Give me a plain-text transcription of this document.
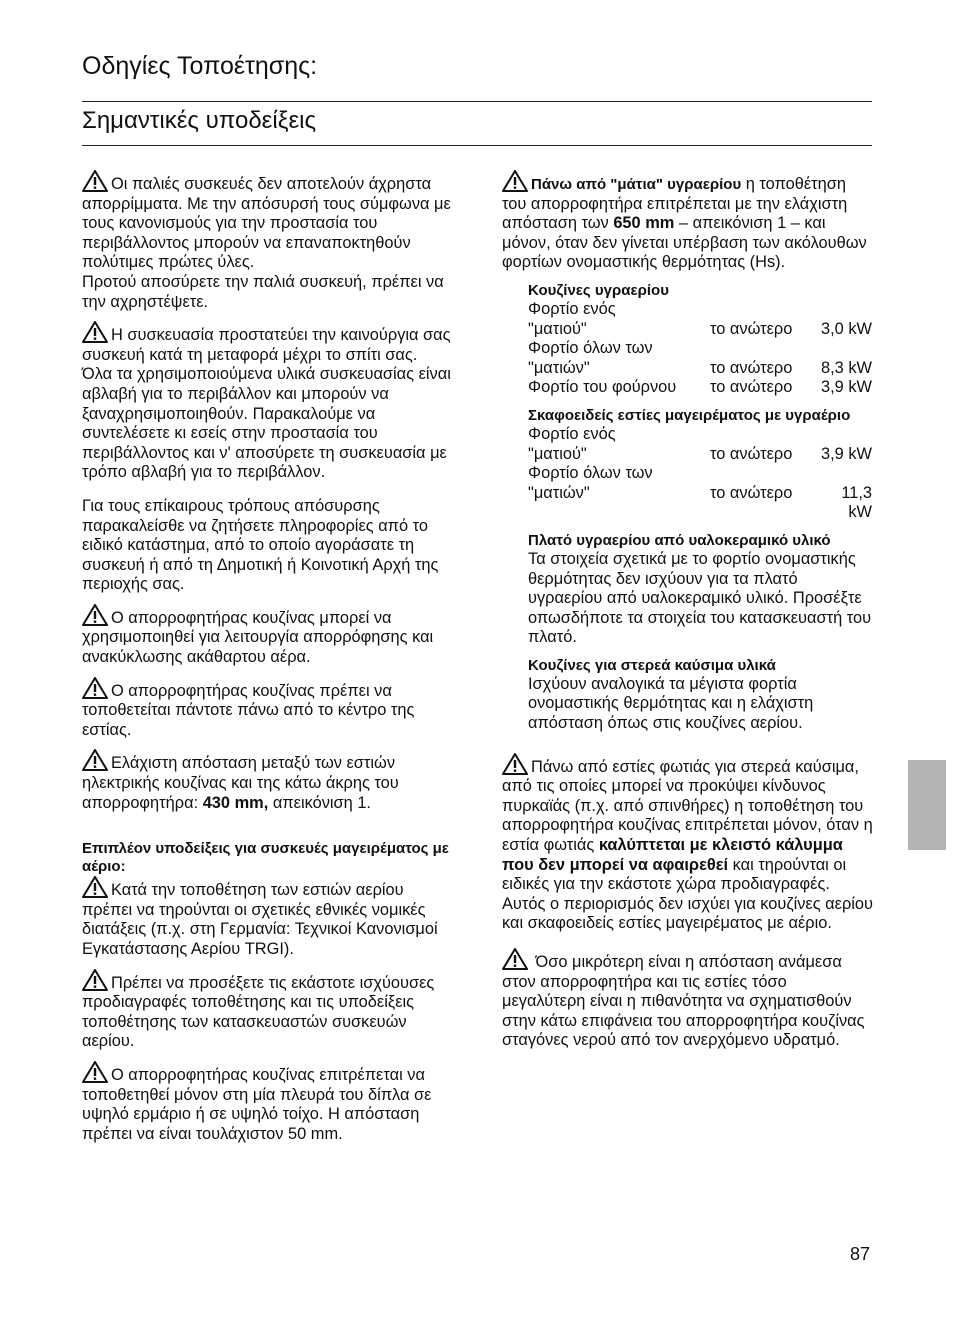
Οδηγίες Τοποέτησης:
Σημαντικές υποδείξεις
Οι παλιές συσκευές δεν αποτελούν άχρηστα απορρίμματα. Με την απόσυρσή τους σύμφωνα με τους κανονισμούς για την προστασία του περιβάλλοντος μπορούν να επαναποκτηθούν πολύτιμες πρώτες ύλες.
Προτού αποσύρετε την παλιά συσκευή, πρέπει να την αχρηστέψετε.
Η συσκευασία προστατεύει την καινούργια σας συσκευή κατά τη μεταφορά μέχρι το σπίτι σας. Όλα τα χρησιμοποιούμενα υλικά συσκευασίας είναι αβλαβή για το περιβάλλον και μπορούν να ξαναχρησιμοποιηθούν. Παρακαλούμε να συντελέσετε κι εσείς στην προστασία του περιβάλλοντος και ν' αποσύρετε τη συσκευασία με τρόπο αβλαβή για το περιβάλλον.
Για τους επίκαιρους τρόπους απόσυρσης παρακαλείσθε να ζητήσετε πληροφορίες από το ειδικό κατάστημα, από το οποίο αγοράσατε τη συσκευή ή από τη Δημοτική ή Κοινοτική Αρχή της περιοχής σας.
Ο απορροφητήρας κουζίνας μπορεί να χρησιμοποιηθεί για λειτουργία απορρόφησης και ανακύκλωσης ακάθαρτου αέρα.
Ο απορροφητήρας κουζίνας πρέπει να τοποθετείται πάντοτε πάνω από το κέντρο της εστίας.
Ελάχιστη απόσταση μεταξύ των εστιών ηλεκτρικής κουζίνας και της κάτω άκρης του απορροφητήρα: 430 mm, απεικόνιση 1.
Επιπλέον υποδείξεις για συσκευές μαγειρέματος με αέριο:
Κατά την τοποθέτηση των εστιών αερίου πρέπει να τηρούνται οι σχετικές εθνικές νομικές διατάξεις (π.χ. στη Γερμανία: Τεχνικοί Κανονισμοί Εγκατάστασης Αερίου TRGI).
Πρέπει να προσέξετε τις εκάστοτε ισχύουσες προδιαγραφές τοποθέτησης και τις υποδείξεις τοποθέτησης των κατασκευαστών συσκευών αερίου.
Ο απορροφητήρας κουζίνας επιτρέπεται να τοποθετηθεί μόνον στη μία πλευρά του δίπλα σε υψηλό ερμάριο ή σε υψηλό τοίχο. Η απόσταση πρέπει να είναι τουλάχιστον 50 mm.
Πάνω από "μάτια" υγραερίου η τοποθέτηση του απορροφητήρα επιτρέπεται με την ελάχιστη απόσταση των 650 mm – απεικόνιση 1 – και μόνον, όταν δεν γίνεται υπέρβαση των ακόλουθων φορτίων ονομαστικής θερμότητας (Hs).
Κουζίνες υγραερίου
Φορτίο ενός
"ματιού"	το ανώτερο	3,0 kW
Φορτίο όλων των
"ματιών"	το ανώτερο	8,3 kW
Φορτίο του φούρνου	το ανώτερο	3,9 kW
Σκαφοειδείς εστίες μαγειρέματος με υγραέριο
Φορτίο ενός
"ματιού"	το ανώτερο	3,9 kW
Φορτίο όλων των
"ματιών"	το ανώτερο	11,3 kW
Πλατό υγραερίου από υαλοκεραμικό υλικό
Τα στοιχεία σχετικά με το φορτίο ονομαστικής θερμότητας δεν ισχύουν για τα πλατό υγραερίου από υαλοκεραμικό υλικό. Προσέξτε οπωσδήποτε τα στοιχεία του κατασκευαστή του πλατό.
Κουζίνες για στερεά καύσιμα υλικά
Ισχύουν αναλογικά τα μέγιστα φορτία ονομαστικής θερμότητας και η ελάχιστη απόσταση όπως στις κουζίνες αερίου.
Πάνω από εστίες φωτιάς για στερεά καύσιμα, από τις οποίες μπορεί να προκύψει κίνδυνος πυρκαϊάς (π.χ. από σπινθήρες) η τοποθέτηση του απορροφητήρα κουζίνας επιτρέπεται μόνον, όταν η εστία φωτιάς καλύπτεται με κλειστό κάλυμμα που δεν μπορεί να αφαιρεθεί και τηρούνται οι ειδικές για την εκάστοτε χώρα προδιαγραφές. Αυτός ο περιορισμός δεν ισχύει για κουζίνες αερίου και σκαφοειδείς εστίες μαγειρέματος με αέριο.
Όσο μικρότερη είναι η απόσταση ανάμεσα στον απορροφητήρα και τις εστίες τόσο μεγαλύτερη είναι η πιθανότητα να σχηματισθούν στην κάτω επιφάνεια του απορροφητήρα κουζίνας σταγόνες νερού από τον ανερχόμενο υδρατμό.
87
